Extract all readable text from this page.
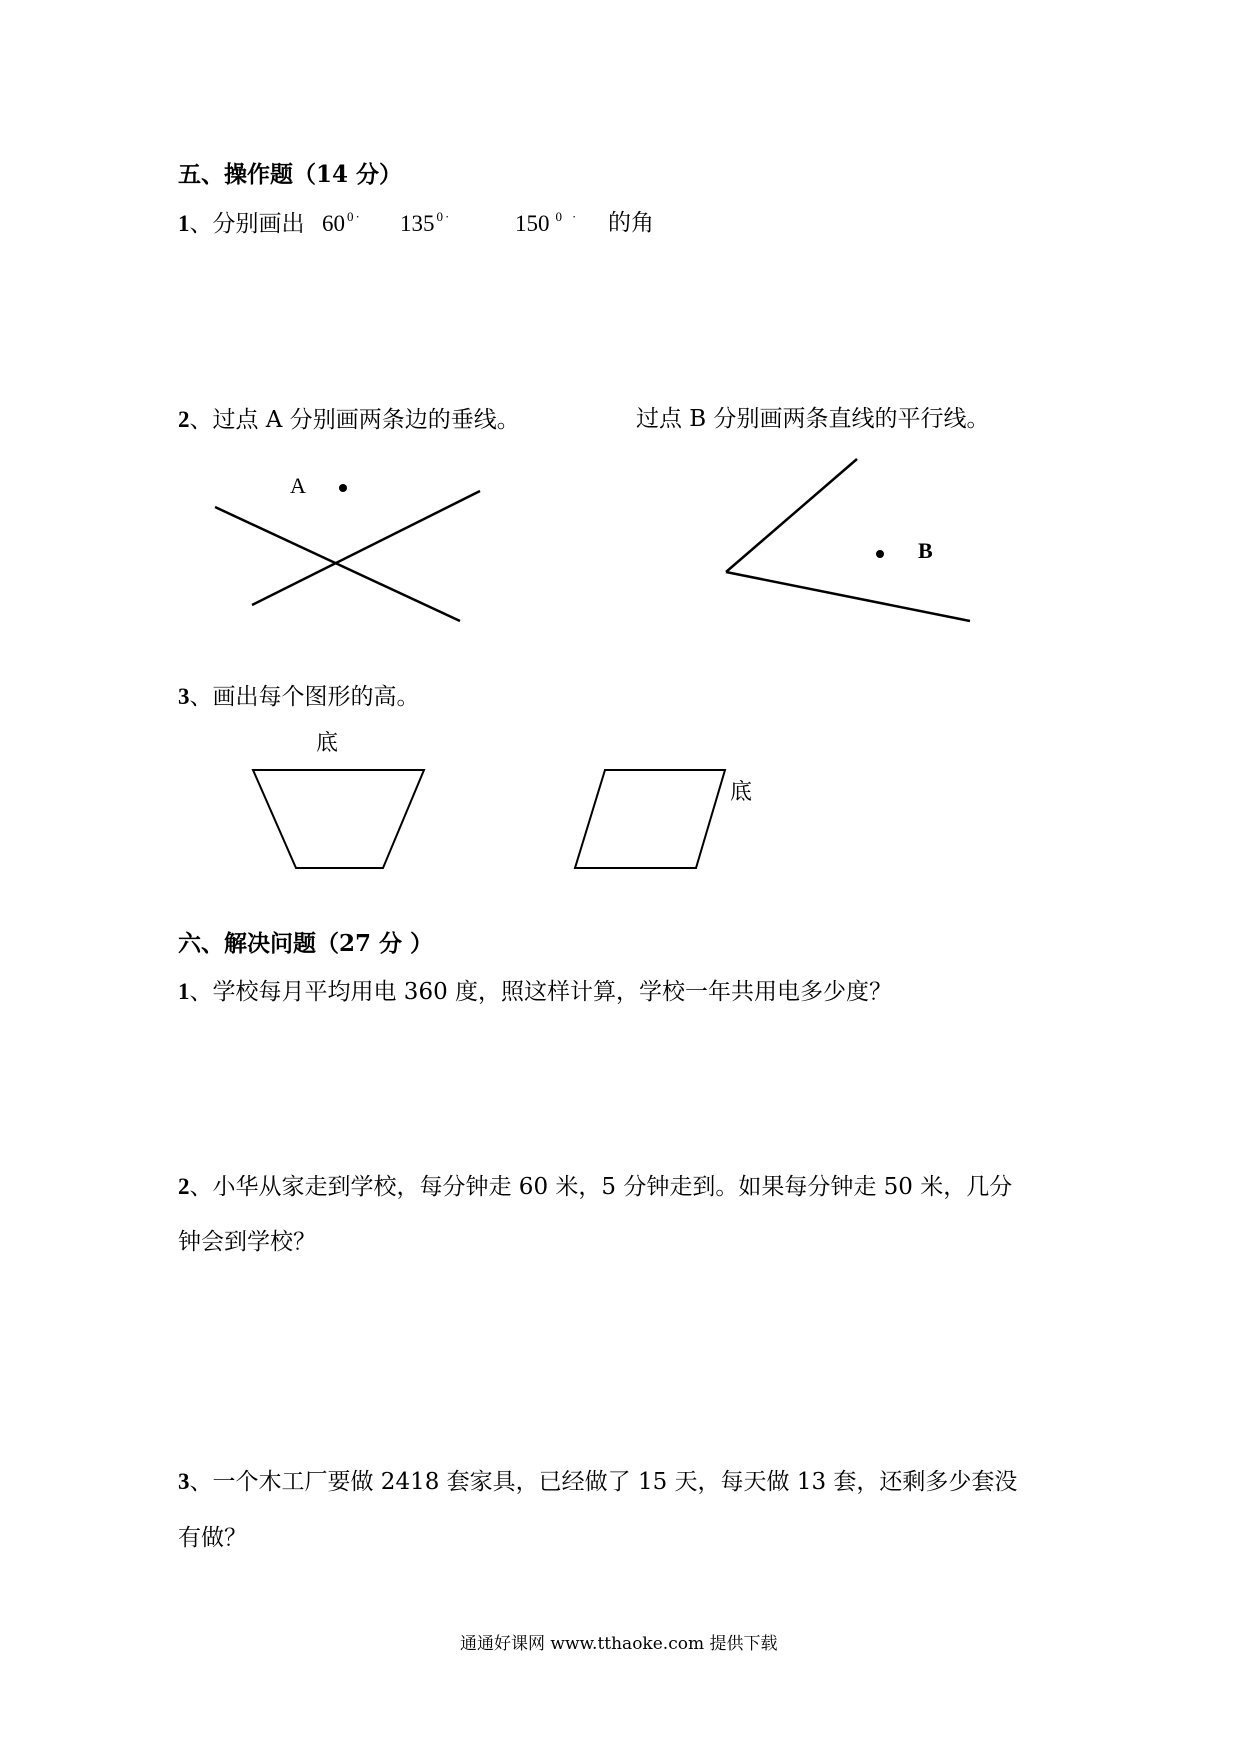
五、操作题（14 分）
1、分别画出 60 $^0$ · 135 $^0$ ·	150 $^0$ · 的角
2、过点 A 分别画两条边的垂线。	过点 B 分别画两条直线的平行线。
A
B
3、画出每个图形的高。
底
底
六、解决问题（27 分 ）
1、学校每月平均用电 360 度，照这样计算，学校一年共用电多少度？
2、小华从家走到学校，每分钟走 60 米，5 分钟走到。如果每分钟走 50 米，几分
钟会到学校？
3、一个木工厂要做 2418 套家具，已经做了 15 天，每天做 13 套，还剩多少套没
有做？
通通好课网 www.tthaoke.com 提供下载
